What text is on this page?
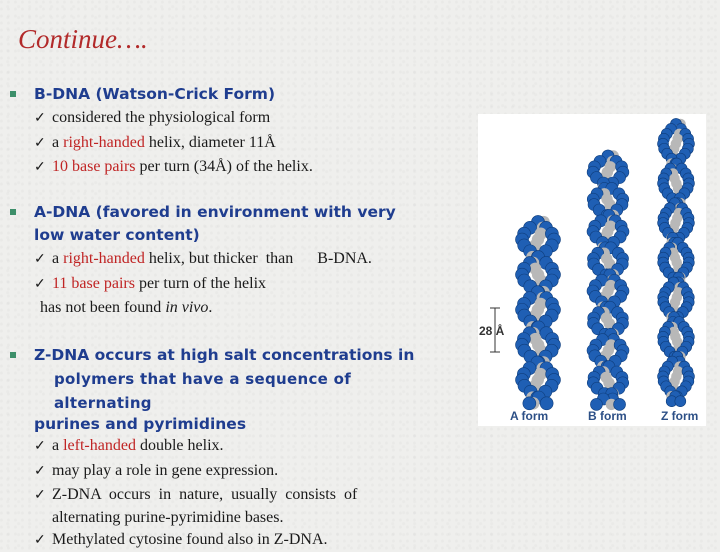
Continue….
B-DNA (Watson-Crick Form)
✓ considered the physiological form
✓ a right-handed helix, diameter 11Å
✓ 10 base pairs per turn (34Å) of the helix.
A-DNA (favored in environment with very
low water content)
✓ a right-handed helix, but thicker  than      B-DNA.
✓ 11 base pairs per turn of the helix
has not been found in vivo.
Z-DNA occurs at high salt concentrations in
polymers that have a sequence of alternating
purines and pyrimidines
✓ a left-handed double helix.
✓ may play a role in gene expression.
✓ Z-DNA  occurs  in  nature,  usually  consists  of
alternating purine-pyrimidine bases.
✓ Methylated cytosine found also in Z-DNA.
28 Å
A form	B form	Z form
